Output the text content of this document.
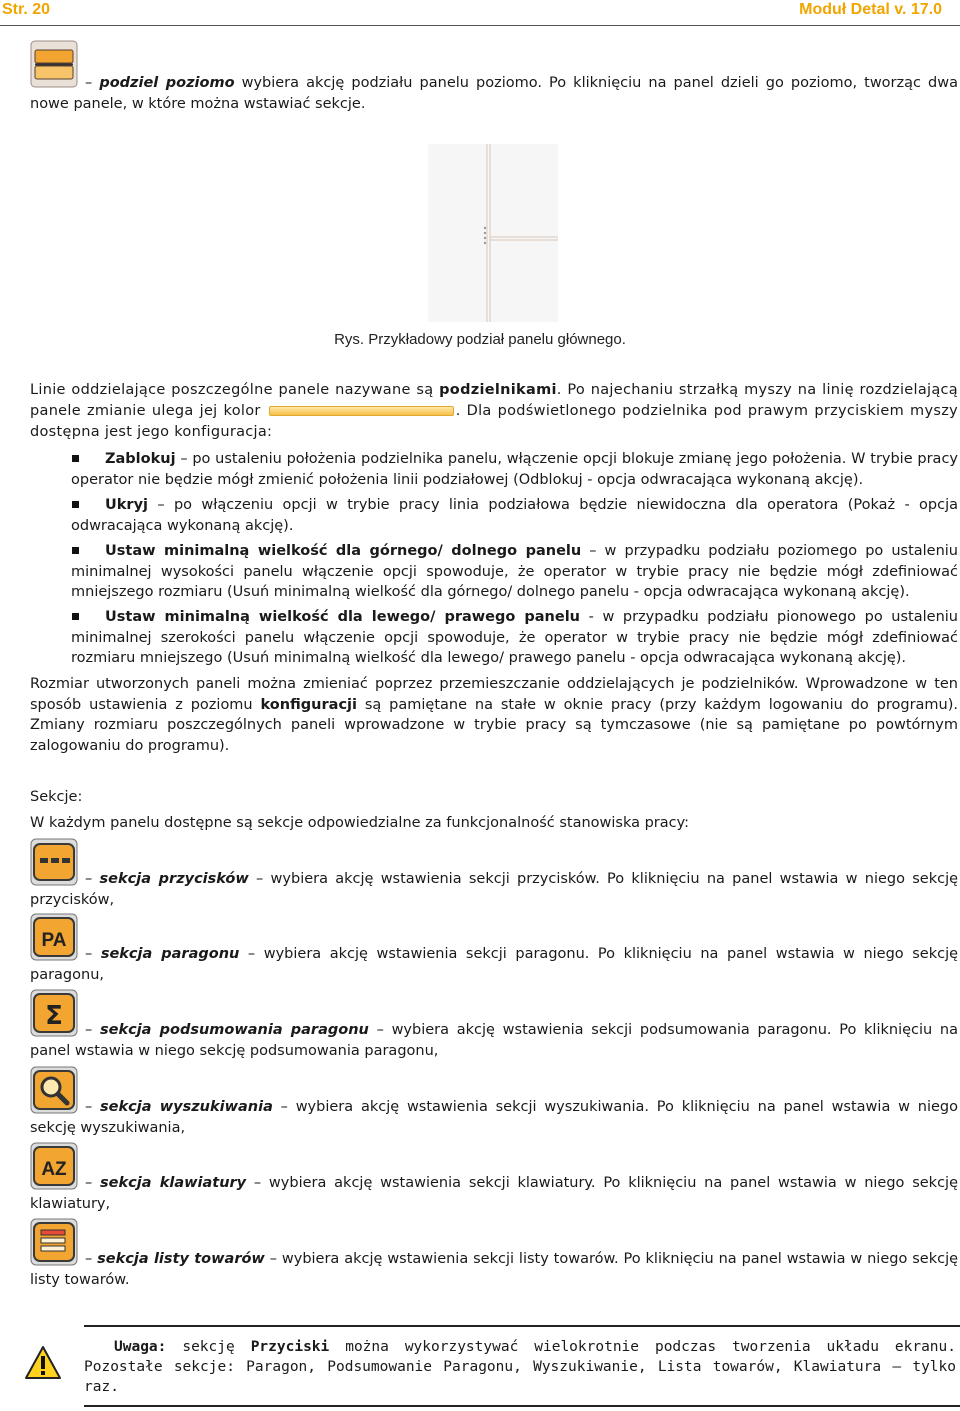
Str. 20	Moduł Detal v. 17.0
– podziel poziomo wybiera akcję podziału panelu poziomo. Po kliknięciu na panel dzieli go poziomo, tworząc dwa nowe panele, w które można wstawiać sekcje.
Rys. Przykładowy podział panelu głównego.
Linie oddzielające poszczególne panele nazywane są podzielnikami. Po najechaniu strzałką myszy na linię rozdzielającą panele zmianie ulega jej kolor	. Dla podświetlonego podzielnika pod prawym przyciskiem myszy dostępna jest jego konfiguracja:
Zablokuj – po ustaleniu położenia podzielnika panelu, włączenie opcji blokuje zmianę jego położenia. W trybie pracy operator nie będzie mógł zmienić położenia linii podziałowej (Odblokuj - opcja odwracająca wykonaną akcję).
Ukryj – po włączeniu opcji w trybie pracy linia podziałowa będzie niewidoczna dla operatora (Pokaż - opcja odwracająca wykonaną akcję).
Ustaw minimalną wielkość dla górnego/ dolnego panelu – w przypadku podziału poziomego po ustaleniu minimalnej wysokości panelu włączenie opcji spowoduje, że operator w trybie pracy nie będzie mógł zdefiniować mniejszego rozmiaru (Usuń minimalną wielkość dla górnego/ dolnego panelu - opcja odwracająca wykonaną akcję).
Ustaw minimalną wielkość dla lewego/ prawego panelu - w przypadku podziału pionowego po ustaleniu minimalnej szerokości panelu włączenie opcji spowoduje, że operator w trybie pracy nie będzie mógł zdefiniować rozmiaru mniejszego (Usuń minimalną wielkość dla lewego/ prawego panelu - opcja odwracająca wykonaną akcję).
Rozmiar utworzonych paneli można zmieniać poprzez przemieszczanie oddzielających je podzielników. Wprowadzone w ten sposób ustawienia z poziomu konfiguracji są pamiętane na stałe w oknie pracy (przy każdym logowaniu do programu). Zmiany rozmiaru poszczególnych paneli wprowadzone w trybie pracy są tymczasowe (nie są pamiętane po powtórnym zalogowaniu do programu).
Sekcje:
W każdym panelu dostępne są sekcje odpowiedzialne za funkcjonalność stanowiska pracy:
– sekcja przycisków – wybiera akcję wstawienia sekcji przycisków. Po kliknięciu na panel wstawia w niego sekcję przycisków,
PA
– sekcja paragonu – wybiera akcję wstawienia sekcji paragonu. Po kliknięciu na panel wstawia w niego sekcję paragonu,
Σ	– sekcja podsumowania paragonu – wybiera akcję wstawienia sekcji podsumowania paragonu. Po kliknięciu na panel wstawia w niego sekcję podsumowania paragonu,
– sekcja wyszukiwania – wybiera akcję wstawienia sekcji wyszukiwania. Po kliknięciu na panel wstawia w niego sekcję wyszukiwania,
AZ
– sekcja klawiatury – wybiera akcję wstawienia sekcji klawiatury. Po kliknięciu na panel wstawia w niego sekcję klawiatury,
– sekcja listy towarów – wybiera akcję wstawienia sekcji listy towarów. Po kliknięciu na panel wstawia w niego sekcję listy towarów.
Uwaga: sekcję Przyciski można wykorzystywać wielokrotnie podczas tworzenia układu ekranu. Pozostałe sekcje: Paragon, Podsumowanie Paragonu, Wyszukiwanie, Lista towarów, Klawiatura – tylko raz.
